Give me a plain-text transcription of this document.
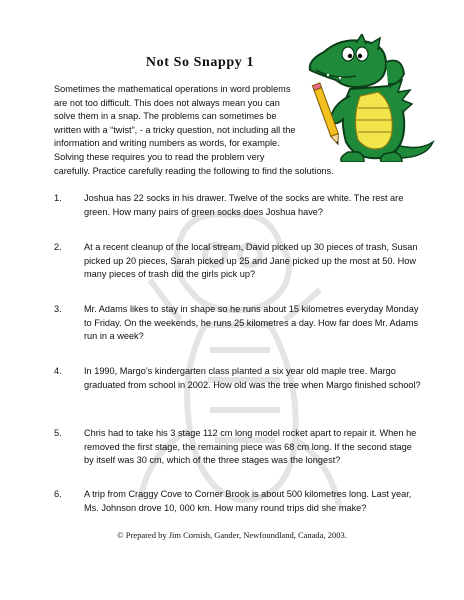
Not So Snappy 1
Sometimes the mathematical operations in word problems are not too difficult. This does not always mean you can solve them in a snap. The problems can sometimes be written with a “twist”, - a tricky question, not including all the information and writing numbers as words, for example. Solving these requires you to read the problem very
carefully. Practice carefully reading the following to find the solutions.
1. Joshua has 22 socks in his drawer. Twelve of the socks are white. The rest are green. How many pairs of green socks does Joshua have?
2. At a recent cleanup of the local stream, David picked up 30 pieces of trash, Susan picked up 20 pieces, Sarah picked up 25 and Jane picked up the most at 50. How many pieces of trash did the girls pick up?
3. Mr. Adams likes to stay in shape so he runs about 15 kilometres everyday Monday to Friday. On the weekends, he runs 25 kilometres a day. How far does Mr. Adams run in a week?
4. In 1990, Margo’s kindergarten class planted a six year old maple tree. Margo graduated from school in 2002. How old was the tree when Margo finished school?
5. Chris had to take his 3 stage 112 cm long model rocket apart to repair it. When he removed the first stage, the remaining piece was 68 cm long. If the second stage by itself was 30 cm, which of the three stages was the longest?
6. A trip from Craggy Cove to Corner Brook is about 500 kilometres long. Last year, Ms. Johnson drove 10, 000 km. How many round trips did she make?
© Prepared by Jim Cornish, Gander, Newfoundland, Canada, 2003.
